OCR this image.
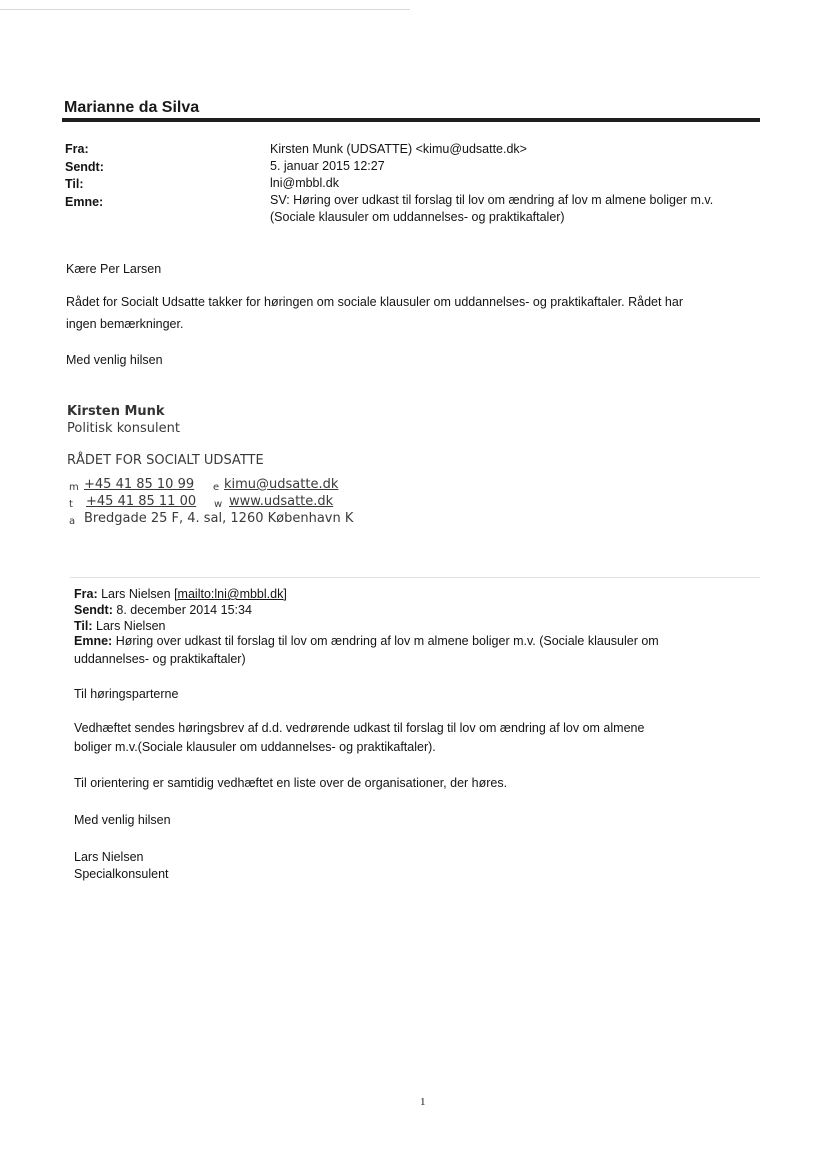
Marianne da Silva
Fra:	Kirsten Munk (UDSATTE) <kimu@udsatte.dk>
Sendt:	5. januar 2015 12:27
Til:	lni@mbbl.dk
Emne:	SV: Høring over udkast til forslag til lov om ændring af lov m almene boliger m.v.
(Sociale klausuler om uddannelses- og praktikaftaler)
Kære Per Larsen
Rådet for Socialt Udsatte takker for høringen om sociale klausuler om uddannelses- og praktikaftaler. Rådet har
ingen bemærkninger.
Med venlig hilsen
Kirsten Munk
Politisk konsulent
RÅDET FOR SOCIALT UDSATTE
m +45 41 85 10 99 e kimu@udsatte.dk
t +45 41 85 11 00 w www.udsatte.dk
a Bredgade 25 F, 4. sal, 1260 København K
Fra: Lars Nielsen [mailto:lni@mbbl.dk]
Sendt: 8. december 2014 15:34
Til: Lars Nielsen
Emne: Høring over udkast til forslag til lov om ændring af lov m almene boliger m.v. (Sociale klausuler om
uddannelses- og praktikaftaler)
Til høringsparterne
Vedhæftet sendes høringsbrev af d.d. vedrørende udkast til forslag til lov om ændring af lov om almene
boliger m.v.(Sociale klausuler om uddannelses- og praktikaftaler).
Til orientering er samtidig vedhæftet en liste over de organisationer, der høres.
Med venlig hilsen
Lars Nielsen
Specialkonsulent
1
